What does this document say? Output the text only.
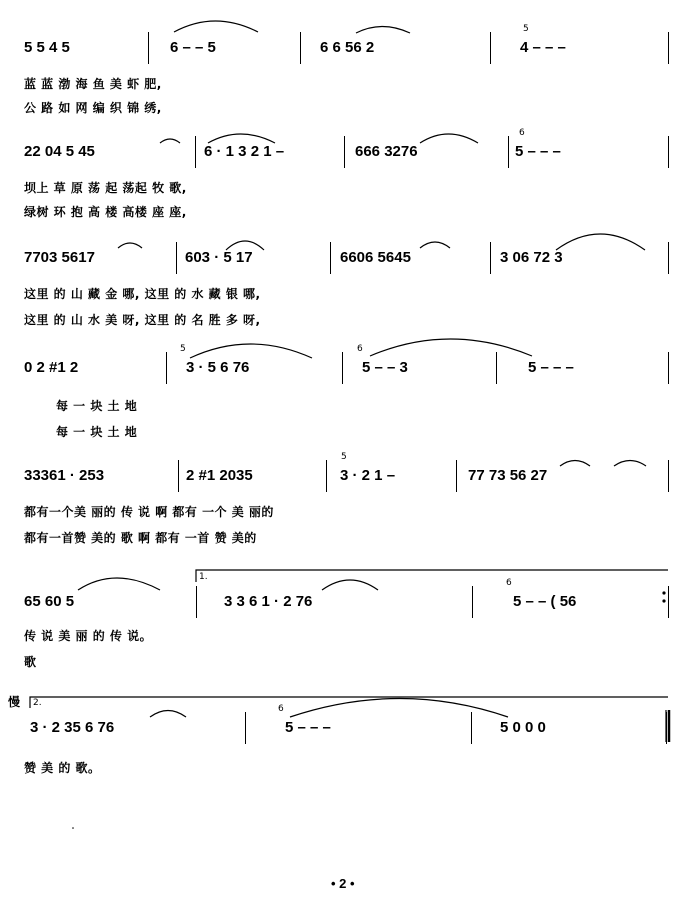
5 5 4 5	6 – – 5	6 6 56 2	4 – – –
5
蓝 蓝 渤 海 鱼 美 虾 肥,
公 路 如 网 编 织 锦 绣,
22 04 5 45	6 · 1 3 2 1 –	666 3276	5 – – –
6
坝上 草 原 荡 起 荡起 牧 歌,
绿树 环 抱 高 楼 高楼 座 座,
7703 5617	603 · 5 17	6606 5645	3 06 72 3
这里 的 山 藏 金 哪, 这里 的 水 藏 银 哪,
这里 的 山 水 美 呀, 这里 的 名 胜 多 呀,
0 2 #1 2	3 · 5 6 76	5 – – 3	5 – – –
5	6
每 一 块 土 地
每 一 块 土 地
33361 · 253	2 #1 2035	3 · 2 1 –	77 73 56 27
5
都有一个美 丽的 传 说 啊 都有 一个 美 丽的
都有一首赞 美的 歌 啊 都有 一首 赞 美的
65 60 5	3 3 6 1 · 2 76	5 – – ( 56
6
1.
传 说 美 丽 的 传 说。
歌
3 · 2 35 6 76	5 – – –	5 0 0 0
6
2.
慢
赞 美 的 歌。
• 2 •
